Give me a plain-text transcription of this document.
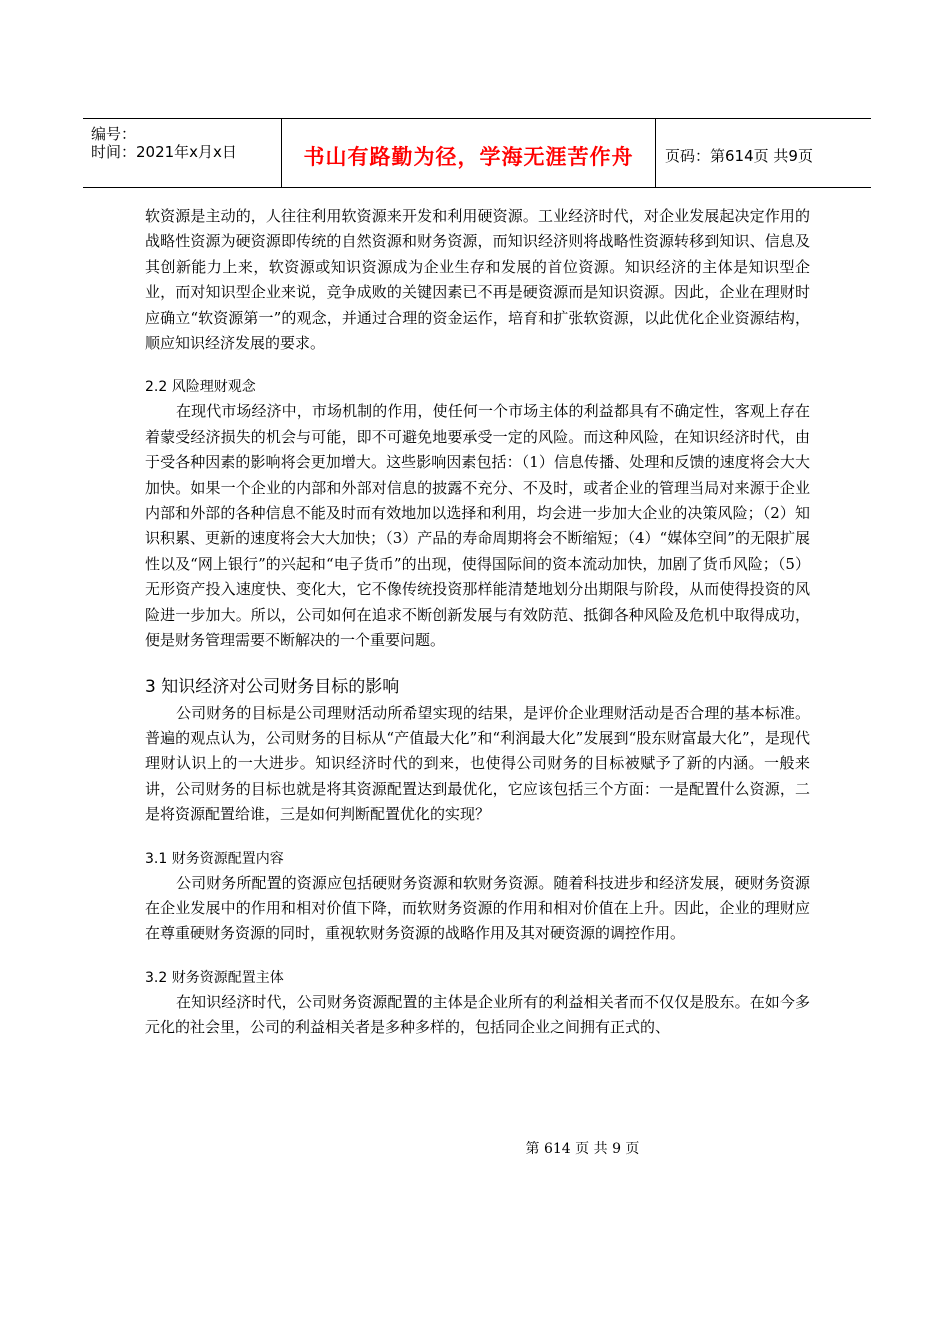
编号：
时间：2021年x月x日	书山有路勤为径，学海无涯苦作舟	页码：第614页 共9页

软资源是主动的，人往往利用软资源来开发和利用硬资源。工业经济时代，对企业发展起决定作用的战略性资源为硬资源即传统的自然资源和财务资源，而知识经济则将战略性资源转移到知识、信息及其创新能力上来，软资源或知识资源成为企业生存和发展的首位资源。知识经济的主体是知识型企业，而对知识型企业来说，竞争成败的关键因素已不再是硬资源而是知识资源。因此，企业在理财时应确立“软资源第一”的观念，并通过合理的资金运作，培育和扩张软资源，以此优化企业资源结构，顺应知识经济发展的要求。

2.2 风险理财观念

在现代市场经济中，市场机制的作用，使任何一个市场主体的利益都具有不确定性，客观上存在着蒙受经济损失的机会与可能，即不可避免地要承受一定的风险。而这种风险，在知识经济时代，由于受各种因素的影响将会更加增大。这些影响因素包括：（1）信息传播、处理和反馈的速度将会大大加快。如果一个企业的内部和外部对信息的披露不充分、不及时，或者企业的管理当局对来源于企业内部和外部的各种信息不能及时而有效地加以选择和利用，均会进一步加大企业的决策风险；（2）知识积累、更新的速度将会大大加快；（3）产品的寿命周期将会不断缩短；（4）“媒体空间”的无限扩展性以及“网上银行”的兴起和“电子货币”的出现，使得国际间的资本流动加快，加剧了货币风险；（5）无形资产投入速度快、变化大，它不像传统投资那样能清楚地划分出期限与阶段，从而使得投资的风险进一步加大。所以，公司如何在追求不断创新发展与有效防范、抵御各种风险及危机中取得成功，便是财务管理需要不断解决的一个重要问题。

3 知识经济对公司财务目标的影响

公司财务的目标是公司理财活动所希望实现的结果，是评价企业理财活动是否合理的基本标准。普遍的观点认为，公司财务的目标从“产值最大化”和“利润最大化”发展到“股东财富最大化”，是现代理财认识上的一大进步。知识经济时代的到来，也使得公司财务的目标被赋予了新的内涵。一般来讲，公司财务的目标也就是将其资源配置达到最优化，它应该包括三个方面：一是配置什么资源，二是将资源配置给谁，三是如何判断配置优化的实现？

3.1 财务资源配置内容

公司财务所配置的资源应包括硬财务资源和软财务资源。随着科技进步和经济发展，硬财务资源在企业发展中的作用和相对价值下降，而软财务资源的作用和相对价值在上升。因此，企业的理财应在尊重硬财务资源的同时，重视软财务资源的战略作用及其对硬资源的调控作用。

3.2 财务资源配置主体

在知识经济时代，公司财务资源配置的主体是企业所有的利益相关者而不仅仅是股东。在如今多元化的社会里，公司的利益相关者是多种多样的，包括同企业之间拥有正式的、

第 614 页 共 9 页
